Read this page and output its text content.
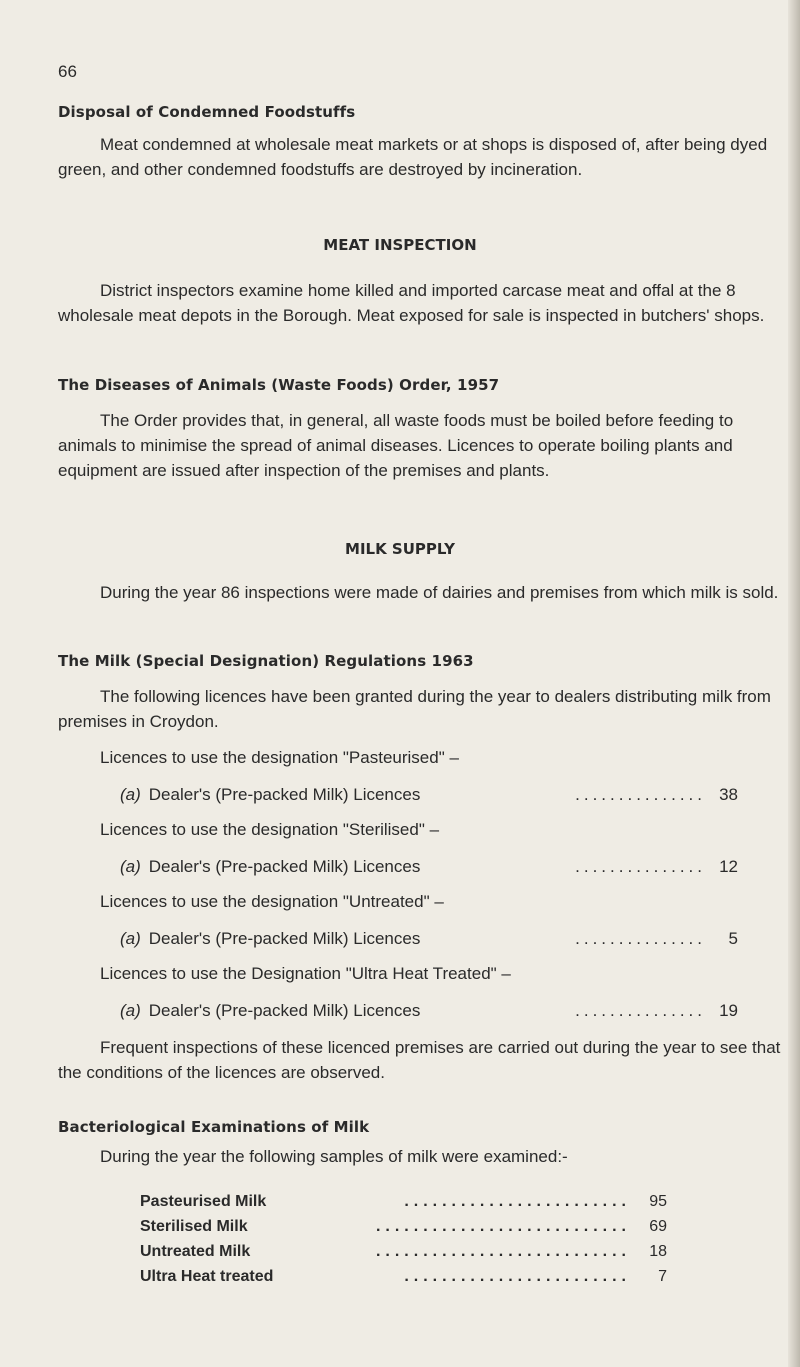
66
Disposal of Condemned Foodstuffs

Meat condemned at wholesale meat markets or at shops is disposed of, after being dyed green, and other condemned foodstuffs are destroyed by incineration.

MEAT INSPECTION

District inspectors examine home killed and imported carcase meat and offal at the 8 wholesale meat depots in the Borough. Meat exposed for sale is inspected in butchers' shops.

The Diseases of Animals (Waste Foods) Order, 1957

The Order provides that, in general, all waste foods must be boiled before feeding to animals to minimise the spread of animal diseases. Licences to operate boiling plants and equipment are issued after inspection of the premises and plants.

MILK SUPPLY

During the year 86 inspections were made of dairies and premises from which milk is sold.

The Milk (Special Designation) Regulations 1963

The following licences have been granted during the year to dealers distributing milk from premises in Croydon.

Licences to use the designation "Pasteurised" –
(a) Dealer's (Pre-packed Milk) Licences	............... 38
Licences to use the designation "Sterilised" –
(a) Dealer's (Pre-packed Milk) Licences	............... 12
Licences to use the designation "Untreated" –
(a) Dealer's (Pre-packed Milk) Licences	...............	5
Licences to use the Designation "Ultra Heat Treated" –
(a) Dealer's (Pre-packed Milk) Licences	............... 19

Frequent inspections of these licenced premises are carried out during the year to see that the conditions of the licences are observed.

Bacteriological Examinations of Milk
During the year the following samples of milk were examined:-
Pasteurised Milk	........................	95
Sterilised Milk	...........................	69
Untreated Milk	...........................	18
Ultra Heat treated	........................	7
